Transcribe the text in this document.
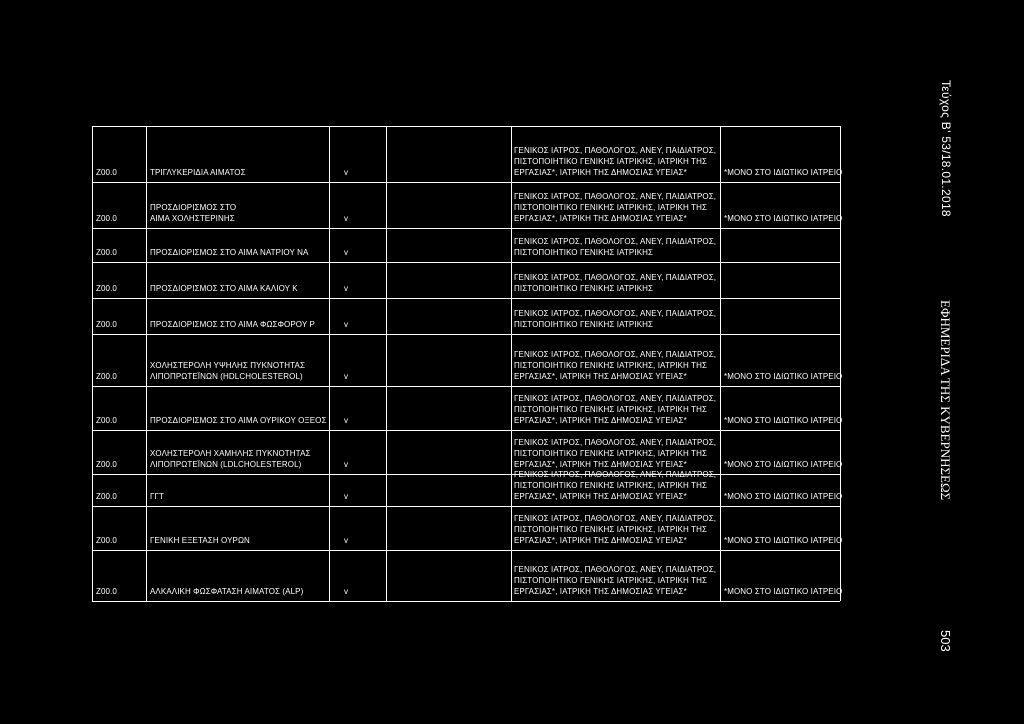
Z00.0	ΤΡΙΓΛΥΚΕΡΙΔΙΑ ΑΙΜΑΤΟΣ	v
ΓΕΝΙΚΟΣ ΙΑΤΡΟΣ, ΠΑΘΟΛΟΓΟΣ, ΑΝΕΥ, ΠΑΙΔΙΑΤΡΟΣ,
ΠΙΣΤΟΠΟΙΗΤΙΚΟ ΓΕΝΙΚΗΣ ΙΑΤΡΙΚΗΣ, ΙΑΤΡΙΚΗ ΤΗΣ
ΕΡΓΑΣΙΑΣ*, ΙΑΤΡΙΚΗ ΤΗΣ ΔΗΜΟΣΙΑΣ ΥΓΕΙΑΣ*	*ΜΟΝΟ ΣΤΟ ΙΔΙΩΤΙΚΟ ΙΑΤΡΕΙΟ
Z00.0
ΠΡΟΣΔΙΟΡΙΣΜΟΣ ΣΤΟ
ΑΙΜΑ ΧΟΛΗΣΤΕΡΙΝΗΣ	v
ΓΕΝΙΚΟΣ ΙΑΤΡΟΣ, ΠΑΘΟΛΟΓΟΣ, ΑΝΕΥ, ΠΑΙΔΙΑΤΡΟΣ,
ΠΙΣΤΟΠΟΙΗΤΙΚΟ ΓΕΝΙΚΗΣ ΙΑΤΡΙΚΗΣ, ΙΑΤΡΙΚΗ ΤΗΣ
ΕΡΓΑΣΙΑΣ*, ΙΑΤΡΙΚΗ ΤΗΣ ΔΗΜΟΣΙΑΣ ΥΓΕΙΑΣ*	*ΜΟΝΟ ΣΤΟ ΙΔΙΩΤΙΚΟ ΙΑΤΡΕΙΟ
Z00.0	ΠΡΟΣΔΙΟΡΙΣΜΟΣ ΣΤΟ ΑΙΜΑ ΝΑΤΡΙΟΥ ΝΑ	v
ΓΕΝΙΚΟΣ ΙΑΤΡΟΣ, ΠΑΘΟΛΟΓΟΣ, ΑΝΕΥ, ΠΑΙΔΙΑΤΡΟΣ,
ΠΙΣΤΟΠΟΙΗΤΙΚΟ ΓΕΝΙΚΗΣ ΙΑΤΡΙΚΗΣ
Z00.0	ΠΡΟΣΔΙΟΡΙΣΜΟΣ ΣΤΟ ΑΙΜΑ ΚΑΛΙΟΥ Κ	v
ΓΕΝΙΚΟΣ ΙΑΤΡΟΣ, ΠΑΘΟΛΟΓΟΣ, ΑΝΕΥ, ΠΑΙΔΙΑΤΡΟΣ,
ΠΙΣΤΟΠΟΙΗΤΙΚΟ ΓΕΝΙΚΗΣ ΙΑΤΡΙΚΗΣ
Z00.0	ΠΡΟΣΔΙΟΡΙΣΜΟΣ ΣΤΟ ΑΙΜΑ ΦΩΣΦΟΡΟΥ Ρ	v
ΓΕΝΙΚΟΣ ΙΑΤΡΟΣ, ΠΑΘΟΛΟΓΟΣ, ΑΝΕΥ, ΠΑΙΔΙΑΤΡΟΣ,
ΠΙΣΤΟΠΟΙΗΤΙΚΟ ΓΕΝΙΚΗΣ ΙΑΤΡΙΚΗΣ
Z00.0
ΧΟΛΗΣΤΕΡΟΛΗ ΥΨΗΛΗΣ ΠΥΚΝΟΤΗΤΑΣ
ΛΙΠΟΠΡΩΤΕΪΝΩΝ (HDLCHOLESTEROL)	v
ΓΕΝΙΚΟΣ ΙΑΤΡΟΣ, ΠΑΘΟΛΟΓΟΣ, ΑΝΕΥ, ΠΑΙΔΙΑΤΡΟΣ,
ΠΙΣΤΟΠΟΙΗΤΙΚΟ ΓΕΝΙΚΗΣ ΙΑΤΡΙΚΗΣ, ΙΑΤΡΙΚΗ ΤΗΣ
ΕΡΓΑΣΙΑΣ*, ΙΑΤΡΙΚΗ ΤΗΣ ΔΗΜΟΣΙΑΣ ΥΓΕΙΑΣ*	*ΜΟΝΟ ΣΤΟ ΙΔΙΩΤΙΚΟ ΙΑΤΡΕΙΟ
Z00.0	ΠΡΟΣΔΙΟΡΙΣΜΟΣ ΣΤΟ ΑΙΜΑ ΟΥΡΙΚΟΥ ΟΞΕΟΣ v
ΓΕΝΙΚΟΣ ΙΑΤΡΟΣ, ΠΑΘΟΛΟΓΟΣ, ΑΝΕΥ, ΠΑΙΔΙΑΤΡΟΣ,
ΠΙΣΤΟΠΟΙΗΤΙΚΟ ΓΕΝΙΚΗΣ ΙΑΤΡΙΚΗΣ, ΙΑΤΡΙΚΗ ΤΗΣ
ΕΡΓΑΣΙΑΣ*, ΙΑΤΡΙΚΗ ΤΗΣ ΔΗΜΟΣΙΑΣ ΥΓΕΙΑΣ*	*ΜΟΝΟ ΣΤΟ ΙΔΙΩΤΙΚΟ ΙΑΤΡΕΙΟ
Z00.0
ΧΟΛΗΣΤΕΡΟΛΗ ΧΑΜΗΛΗΣ ΠΥΚΝΟΤΗΤΑΣ
ΛΙΠΟΠΡΩΤΕΪΝΩΝ (LDLCHOLESTEROL)	v
ΓΕΝΙΚΟΣ ΙΑΤΡΟΣ, ΠΑΘΟΛΟΓΟΣ, ΑΝΕΥ, ΠΑΙΔΙΑΤΡΟΣ,
ΠΙΣΤΟΠΟΙΗΤΙΚΟ ΓΕΝΙΚΗΣ ΙΑΤΡΙΚΗΣ, ΙΑΤΡΙΚΗ ΤΗΣ
ΕΡΓΑΣΙΑΣ*, ΙΑΤΡΙΚΗ ΤΗΣ ΔΗΜΟΣΙΑΣ ΥΓΕΙΑΣ*	*ΜΟΝΟ ΣΤΟ ΙΔΙΩΤΙΚΟ ΙΑΤΡΕΙΟ
Z00.0	ΓΓΤ	v
ΓΕΝΙΚΟΣ ΙΑΤΡΟΣ, ΠΑΘΟΛΟΓΟΣ, ΑΝΕΥ, ΠΑΙΔΙΑΤΡΟΣ,
ΠΙΣΤΟΠΟΙΗΤΙΚΟ ΓΕΝΙΚΗΣ ΙΑΤΡΙΚΗΣ, ΙΑΤΡΙΚΗ ΤΗΣ
ΕΡΓΑΣΙΑΣ*, ΙΑΤΡΙΚΗ ΤΗΣ ΔΗΜΟΣΙΑΣ ΥΓΕΙΑΣ*	*ΜΟΝΟ ΣΤΟ ΙΔΙΩΤΙΚΟ ΙΑΤΡΕΙΟ
Z00.0	ΓΕΝΙΚΗ ΕΞΕΤΑΣΗ ΟΥΡΩΝ	v
ΓΕΝΙΚΟΣ ΙΑΤΡΟΣ, ΠΑΘΟΛΟΓΟΣ, ΑΝΕΥ, ΠΑΙΔΙΑΤΡΟΣ,
ΠΙΣΤΟΠΟΙΗΤΙΚΟ ΓΕΝΙΚΗΣ ΙΑΤΡΙΚΗΣ, ΙΑΤΡΙΚΗ ΤΗΣ
ΕΡΓΑΣΙΑΣ*, ΙΑΤΡΙΚΗ ΤΗΣ ΔΗΜΟΣΙΑΣ ΥΓΕΙΑΣ*	*ΜΟΝΟ ΣΤΟ ΙΔΙΩΤΙΚΟ ΙΑΤΡΕΙΟ
Z00.0	ΑΛΚΑΛΙΚΗ ΦΩΣΦΑΤΑΣΗ ΑΙΜΑΤΟΣ (ALP)	v
ΓΕΝΙΚΟΣ ΙΑΤΡΟΣ, ΠΑΘΟΛΟΓΟΣ, ΑΝΕΥ, ΠΑΙΔΙΑΤΡΟΣ,
ΠΙΣΤΟΠΟΙΗΤΙΚΟ ΓΕΝΙΚΗΣ ΙΑΤΡΙΚΗΣ, ΙΑΤΡΙΚΗ ΤΗΣ
ΕΡΓΑΣΙΑΣ*, ΙΑΤΡΙΚΗ ΤΗΣ ΔΗΜΟΣΙΑΣ ΥΓΕΙΑΣ*	*ΜΟΝΟ ΣΤΟ ΙΔΙΩΤΙΚΟ ΙΑΤΡΕΙΟ
Τεύχος Β’ 53/18.01.2018
ΕΦΗΜΕΡΙΔΑ ΤΗΣ ΚΥΒΕΡΝΗΣΕΩΣ
503
